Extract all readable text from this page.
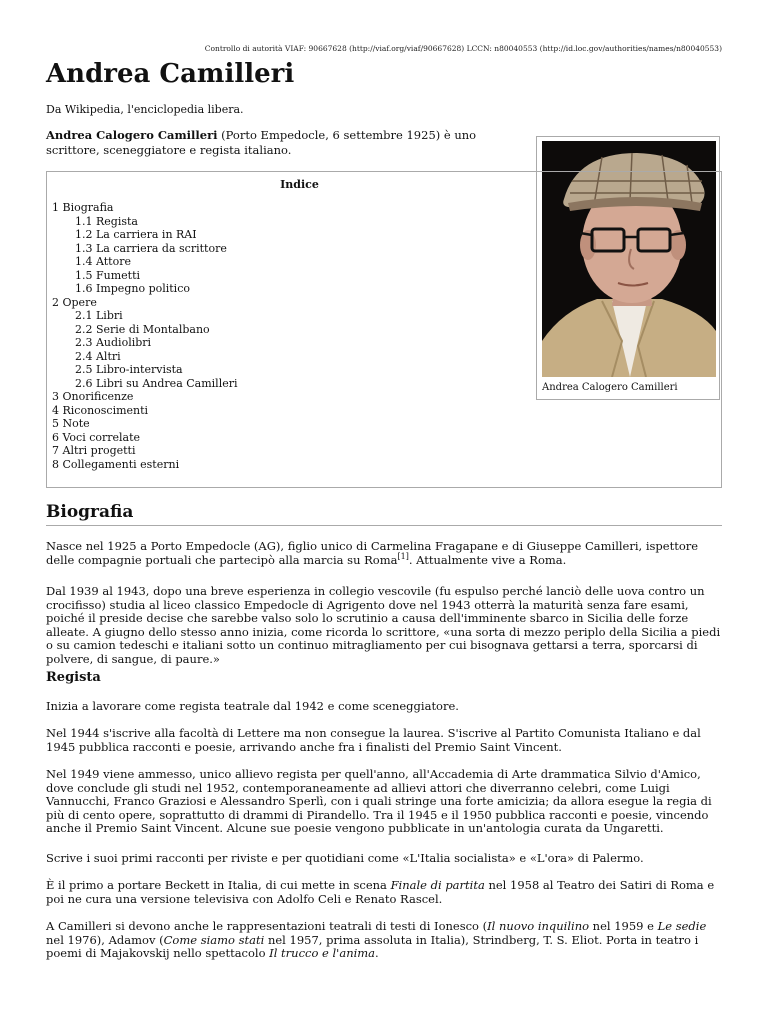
Controllo di autorità VIAF: 90667628 (http://viaf.org/viaf/90667628) LCCN: n80040553 (http://id.loc.gov/authorities/names/n80040553)
Andrea Camilleri
Da Wikipedia, l'enciclopedia libera.
Andrea Calogero Camilleri (Porto Empedocle, 6 settembre 1925) è uno scrittore, sceneggiatore e regista italiano.
Andrea Calogero Camilleri
Indice
1 Biografia
1.1 Regista
1.2 La carriera in RAI
1.3 La carriera da scrittore
1.4 Attore
1.5 Fumetti
1.6 Impegno politico
2 Opere
2.1 Libri
2.2 Serie di Montalbano
2.3 Audiolibri
2.4 Altri
2.5 Libro-intervista
2.6 Libri su Andrea Camilleri
3 Onorificenze
4 Riconoscimenti
5 Note
6 Voci correlate
7 Altri progetti
8 Collegamenti esterni
Biografia

Nasce nel 1925 a Porto Empedocle (AG), figlio unico di Carmelina Fragapane e di Giuseppe Camilleri, ispettore delle compagnie portuali che partecipò alla marcia su Roma[1]. Attualmente vive a Roma.

Dal 1939 al 1943, dopo una breve esperienza in collegio vescovile (fu espulso perché lanciò delle uova contro un crocifisso) studia al liceo classico Empedocle di Agrigento dove nel 1943 otterrà la maturità senza fare esami, poiché il preside decise che sarebbe valso solo lo scrutinio a causa dell'imminente sbarco in Sicilia delle forze alleate. A giugno dello stesso anno inizia, come ricorda lo scrittore, «una sorta di mezzo periplo della Sicilia a piedi o su camion tedeschi e italiani sotto un continuo mitragliamento per cui bisognava gettarsi a terra, sporcarsi di polvere, di sangue, di paure.»

Regista

Inizia a lavorare come regista teatrale dal 1942 e come sceneggiatore.

Nel 1944 s'iscrive alla facoltà di Lettere ma non consegue la laurea. S'iscrive al Partito Comunista Italiano e dal 1945 pubblica racconti e poesie, arrivando anche fra i finalisti del Premio Saint Vincent.

Nel 1949 viene ammesso, unico allievo regista per quell'anno, all'Accademia di Arte drammatica Silvio d'Amico, dove conclude gli studi nel 1952, contemporaneamente ad allievi attori che diverranno celebri, come Luigi Vannucchi, Franco Graziosi e Alessandro Sperlì, con i quali stringe una forte amicizia; da allora esegue la regia di più di cento opere, soprattutto di drammi di Pirandello. Tra il 1945 e il 1950 pubblica racconti e poesie, vincendo anche il Premio Saint Vincent. Alcune sue poesie vengono pubblicate in un'antologia curata da Ungaretti.

Scrive i suoi primi racconti per riviste e per quotidiani come «L'Italia socialista» e «L'ora» di Palermo.

È il primo a portare Beckett in Italia, di cui mette in scena Finale di partita nel 1958 al Teatro dei Satiri di Roma e poi ne cura una versione televisiva con Adolfo Celi e Renato Rascel.

A Camilleri si devono anche le rappresentazioni teatrali di testi di Ionesco (Il nuovo inquilino nel 1959 e Le sedie nel 1976), Adamov (Come siamo stati nel 1957, prima assoluta in Italia), Strindberg, T. S. Eliot. Porta in teatro i poemi di Majakovskij nello spettacolo Il trucco e l'anima.
